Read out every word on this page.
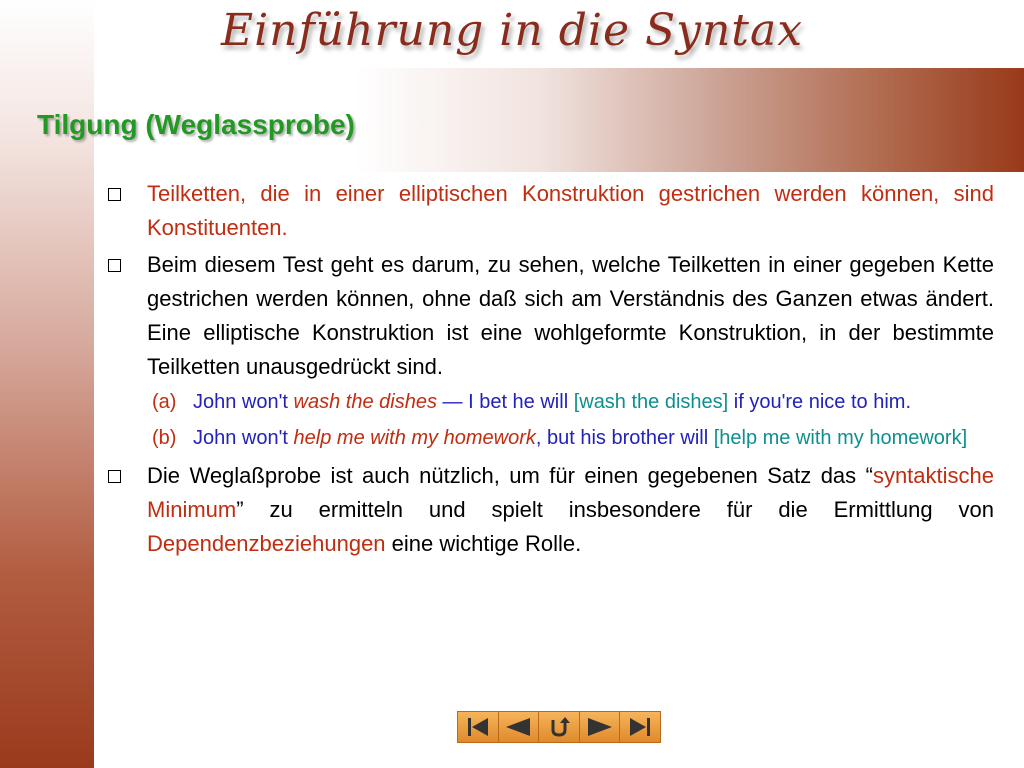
Einführung in die Syntax
Tilgung (Weglassprobe)
Teilketten, die in einer elliptischen Konstruktion gestrichen werden können, sind Konstituenten.
Beim diesem Test geht es darum, zu sehen, welche Teilketten in einer gegeben Kette gestrichen werden können, ohne daß sich am Verständnis des Ganzen etwas ändert. Eine elliptische Konstruktion ist eine wohlgeformte Konstruktion, in der bestimmte Teilketten unausgedrückt sind.
(a) John won't wash the dishes — I bet he will [wash the dishes] if you're nice to him.
(b) John won't help me with my homework, but his brother will [help me with my homework]
Die Weglaßprobe ist auch nützlich, um für einen gegebenen Satz das “syntaktische Minimum” zu ermitteln und spielt insbesondere für die Ermittlung von Dependenzbeziehungen eine wichtige Rolle.
